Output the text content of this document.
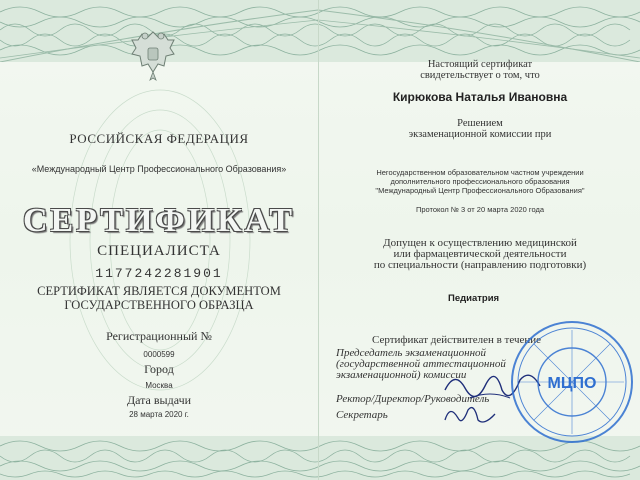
РОССИЙСКАЯ ФЕДЕРАЦИЯ
«Международный Центр Профессионального Образования»
СЕРТИФИКАТ
СПЕЦИАЛИСТА
1177242281901
СЕРТИФИКАТ ЯВЛЯЕТСЯ ДОКУМЕНТОМ
ГОСУДАРСТВЕННОГО ОБРАЗЦА
Регистрационный №
0000599
Город
Москва
Дата выдачи
28 марта 2020 г.
Настоящий сертификат
свидетельствует о том, что
Кирюкова Наталья Ивановна
Решением
экзаменационной комиссии при
Негосударственном образовательном частном учреждении
дополнительного профессионального образования
"Международный Центр Профессионального Образования"
Протокол № 3 от 20 марта 2020 года
Допущен к осуществлению медицинской
или фармацевтической деятельности
по специальности (направлению подготовки)
Педиатрия
Сертификат действителен в течение
Председатель экзаменационной
(государственной аттестационной
экзаменационной) комиссии
Ректор/Директор/Руководитель
Секретарь
МЦПО
